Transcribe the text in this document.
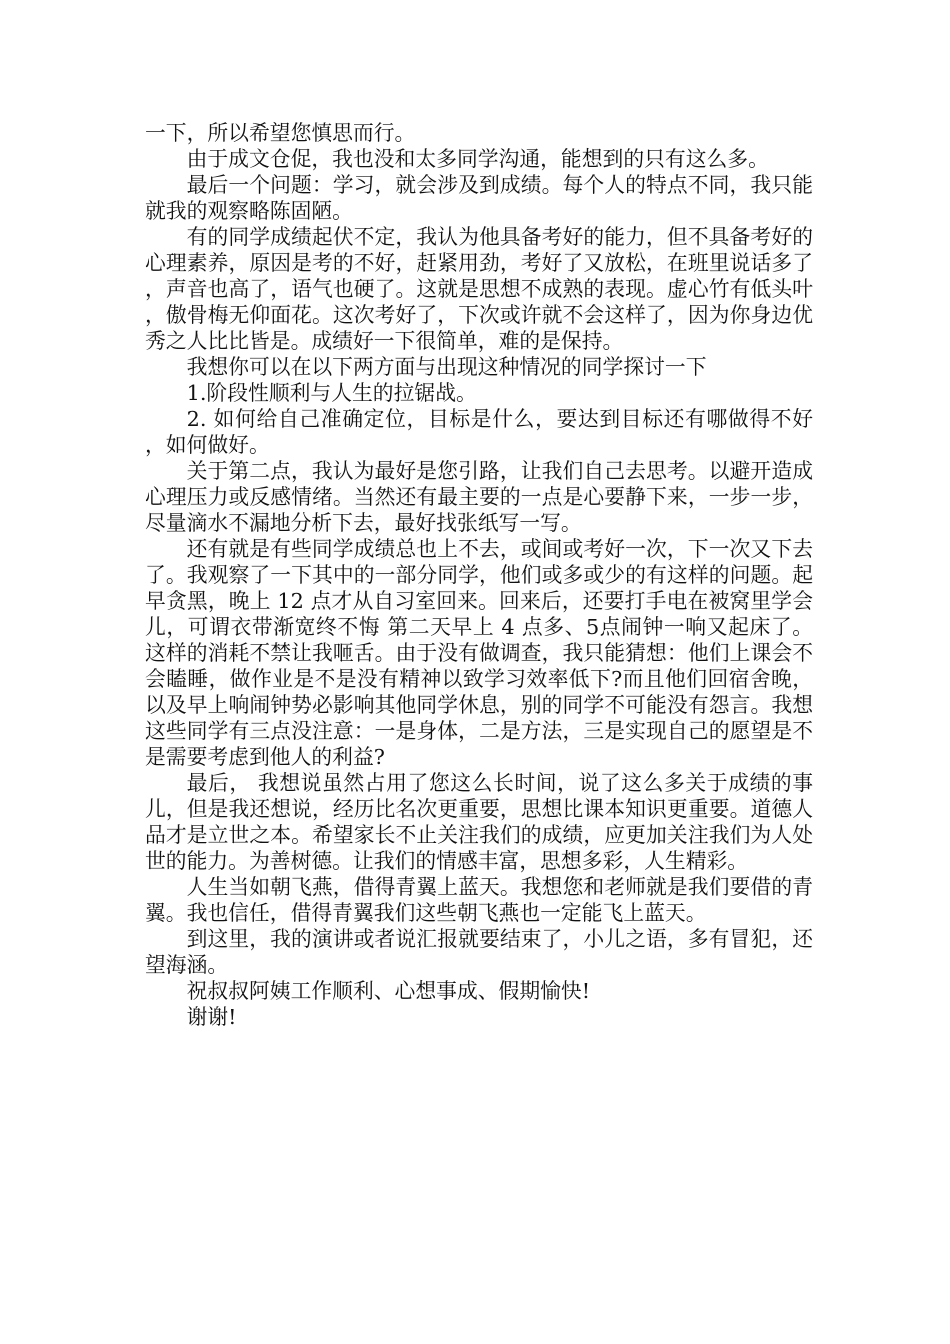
一下，所以希望您慎思而行。

由于成文仓促，我也没和太多同学沟通，能想到的只有这么多。

最后一个问题：学习，就会涉及到成绩。每个人的特点不同，我只能就我的观察略陈固陋。

有的同学成绩起伏不定，我认为他具备考好的能力，但不具备考好的心理素养，原因是考的不好，赶紧用劲，考好了又放松，在班里说话多了，声音也高了，语气也硬了。这就是思想不成熟的表现。虚心竹有低头叶，傲骨梅无仰面花。这次考好了，下次或许就不会这样了，因为你身边优秀之人比比皆是。成绩好一下很简单，难的是保持。

我想你可以在以下两方面与出现这种情况的同学探讨一下

1.阶段性顺利与人生的拉锯战。

2. 如何给自己准确定位，目标是什么，要达到目标还有哪做得不好，如何做好。

关于第二点，我认为最好是您引路，让我们自己去思考。以避开造成心理压力或反感情绪。当然还有最主要的一点是心要静下来，一步一步，尽量滴水不漏地分析下去，最好找张纸写一写。

还有就是有些同学成绩总也上不去，或间或考好一次，下一次又下去了。我观察了一下其中的一部分同学，他们或多或少的有这样的问题。起早贪黑，晚上 12 点才从自习室回来。回来后，还要打手电在被窝里学会儿，可谓衣带渐宽终不悔 第二天早上 4 点多、5点闹钟一响又起床了。这样的消耗不禁让我咂舌。由于没有做调查，我只能猜想：他们上课会不会瞌睡，做作业是不是没有精神以致学习效率低下?而且他们回宿舍晚，以及早上响闹钟势必影响其他同学休息，别的同学不可能没有怨言。我想这些同学有三点没注意：一是身体，二是方法，三是实现自己的愿望是不是需要考虑到他人的利益?

最后， 我想说虽然占用了您这么长时间，说了这么多关于成绩的事儿，但是我还想说，经历比名次更重要，思想比课本知识更重要。道德人品才是立世之本。希望家长不止关注我们的成绩，应更加关注我们为人处世的能力。为善树德。让我们的情感丰富，思想多彩，人生精彩。

人生当如朝飞燕，借得青翼上蓝天。我想您和老师就是我们要借的青翼。我也信任，借得青翼我们这些朝飞燕也一定能飞上蓝天。

到这里，我的演讲或者说汇报就要结束了，小儿之语，多有冒犯，还望海涵。

祝叔叔阿姨工作顺利、心想事成、假期愉快!

谢谢!
